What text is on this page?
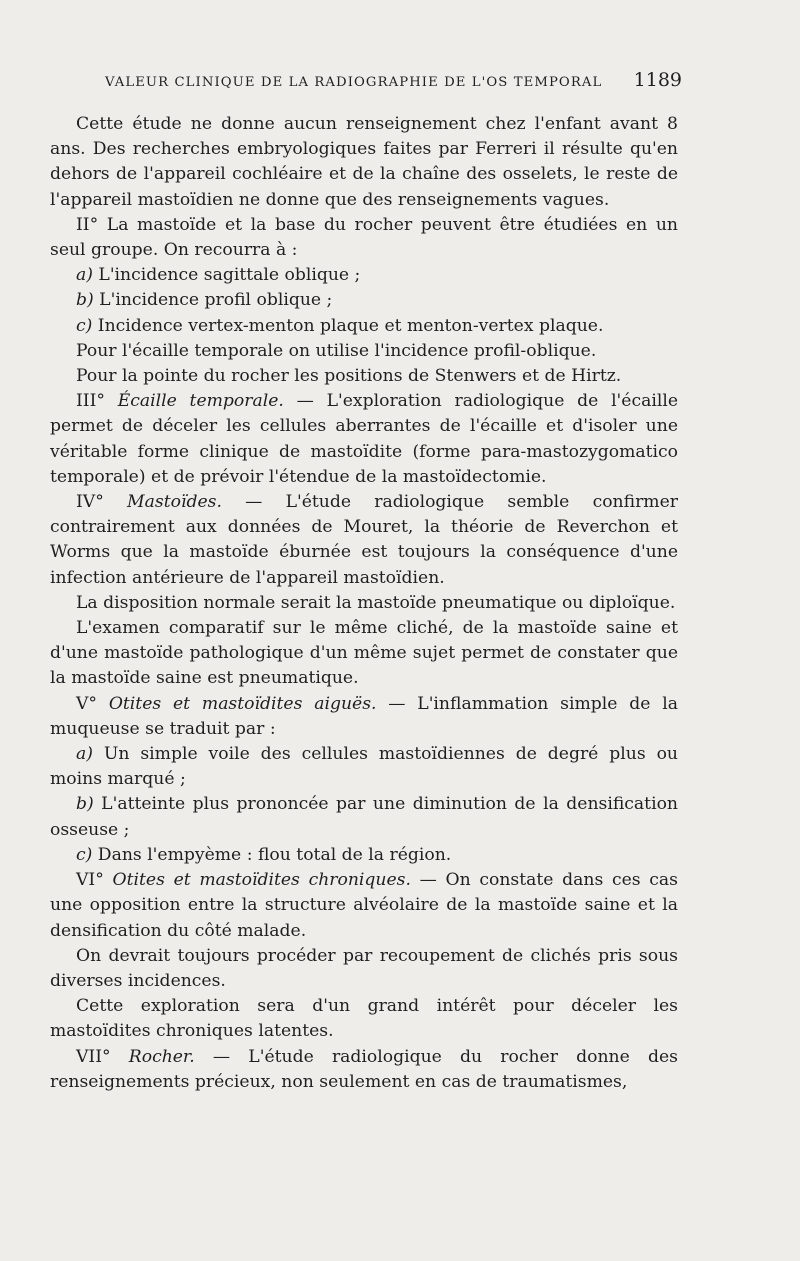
VALEUR CLINIQUE DE LA RADIOGRAPHIE DE L'OS TEMPORAL 1189

Cette étude ne donne aucun renseignement chez l'enfant avant 8 ans. Des recherches embryologiques faites par Ferreri il résulte qu'en dehors de l'appareil cochléaire et de la chaîne des osselets, le reste de l'appareil mastoïdien ne donne que des renseignements vagues.

II° La mastoïde et la base du rocher peuvent être étudiées en un seul groupe. On recourra à :

a) L'incidence sagittale oblique ;

b) L'incidence profil oblique ;

c) Incidence vertex-menton plaque et menton-vertex plaque.

Pour l'écaille temporale on utilise l'incidence profil-oblique.

Pour la pointe du rocher les positions de Stenwers et de Hirtz.

III° Écaille temporale. — L'exploration radiologique de l'écaille permet de déceler les cellules aberrantes de l'écaille et d'isoler une véritable forme clinique de mastoïdite (forme para-mastozygomatico temporale) et de prévoir l'étendue de la mastoïdectomie.

IV° Mastoïdes. — L'étude radiologique semble confirmer contrairement aux données de Mouret, la théorie de Reverchon et Worms que la mastoïde éburnée est toujours la conséquence d'une infection antérieure de l'appareil mastoïdien.

La disposition normale serait la mastoïde pneumatique ou diploïque.

L'examen comparatif sur le même cliché, de la mastoïde saine et d'une mastoïde pathologique d'un même sujet permet de constater que la mastoïde saine est pneumatique.

V° Otites et mastoïdites aiguës. — L'inflammation simple de la muqueuse se traduit par :

a) Un simple voile des cellules mastoïdiennes de degré plus ou moins marqué ;

b) L'atteinte plus prononcée par une diminution de la densification osseuse ;

c) Dans l'empyème : flou total de la région.

VI° Otites et mastoïdites chroniques. — On constate dans ces cas une opposition entre la structure alvéolaire de la mastoïde saine et la densification du côté malade.

On devrait toujours procéder par recoupement de clichés pris sous diverses incidences.

Cette exploration sera d'un grand intérêt pour déceler les mastoïdites chroniques latentes.

VII° Rocher. — L'étude radiologique du rocher donne des renseignements précieux, non seulement en cas de traumatismes,
